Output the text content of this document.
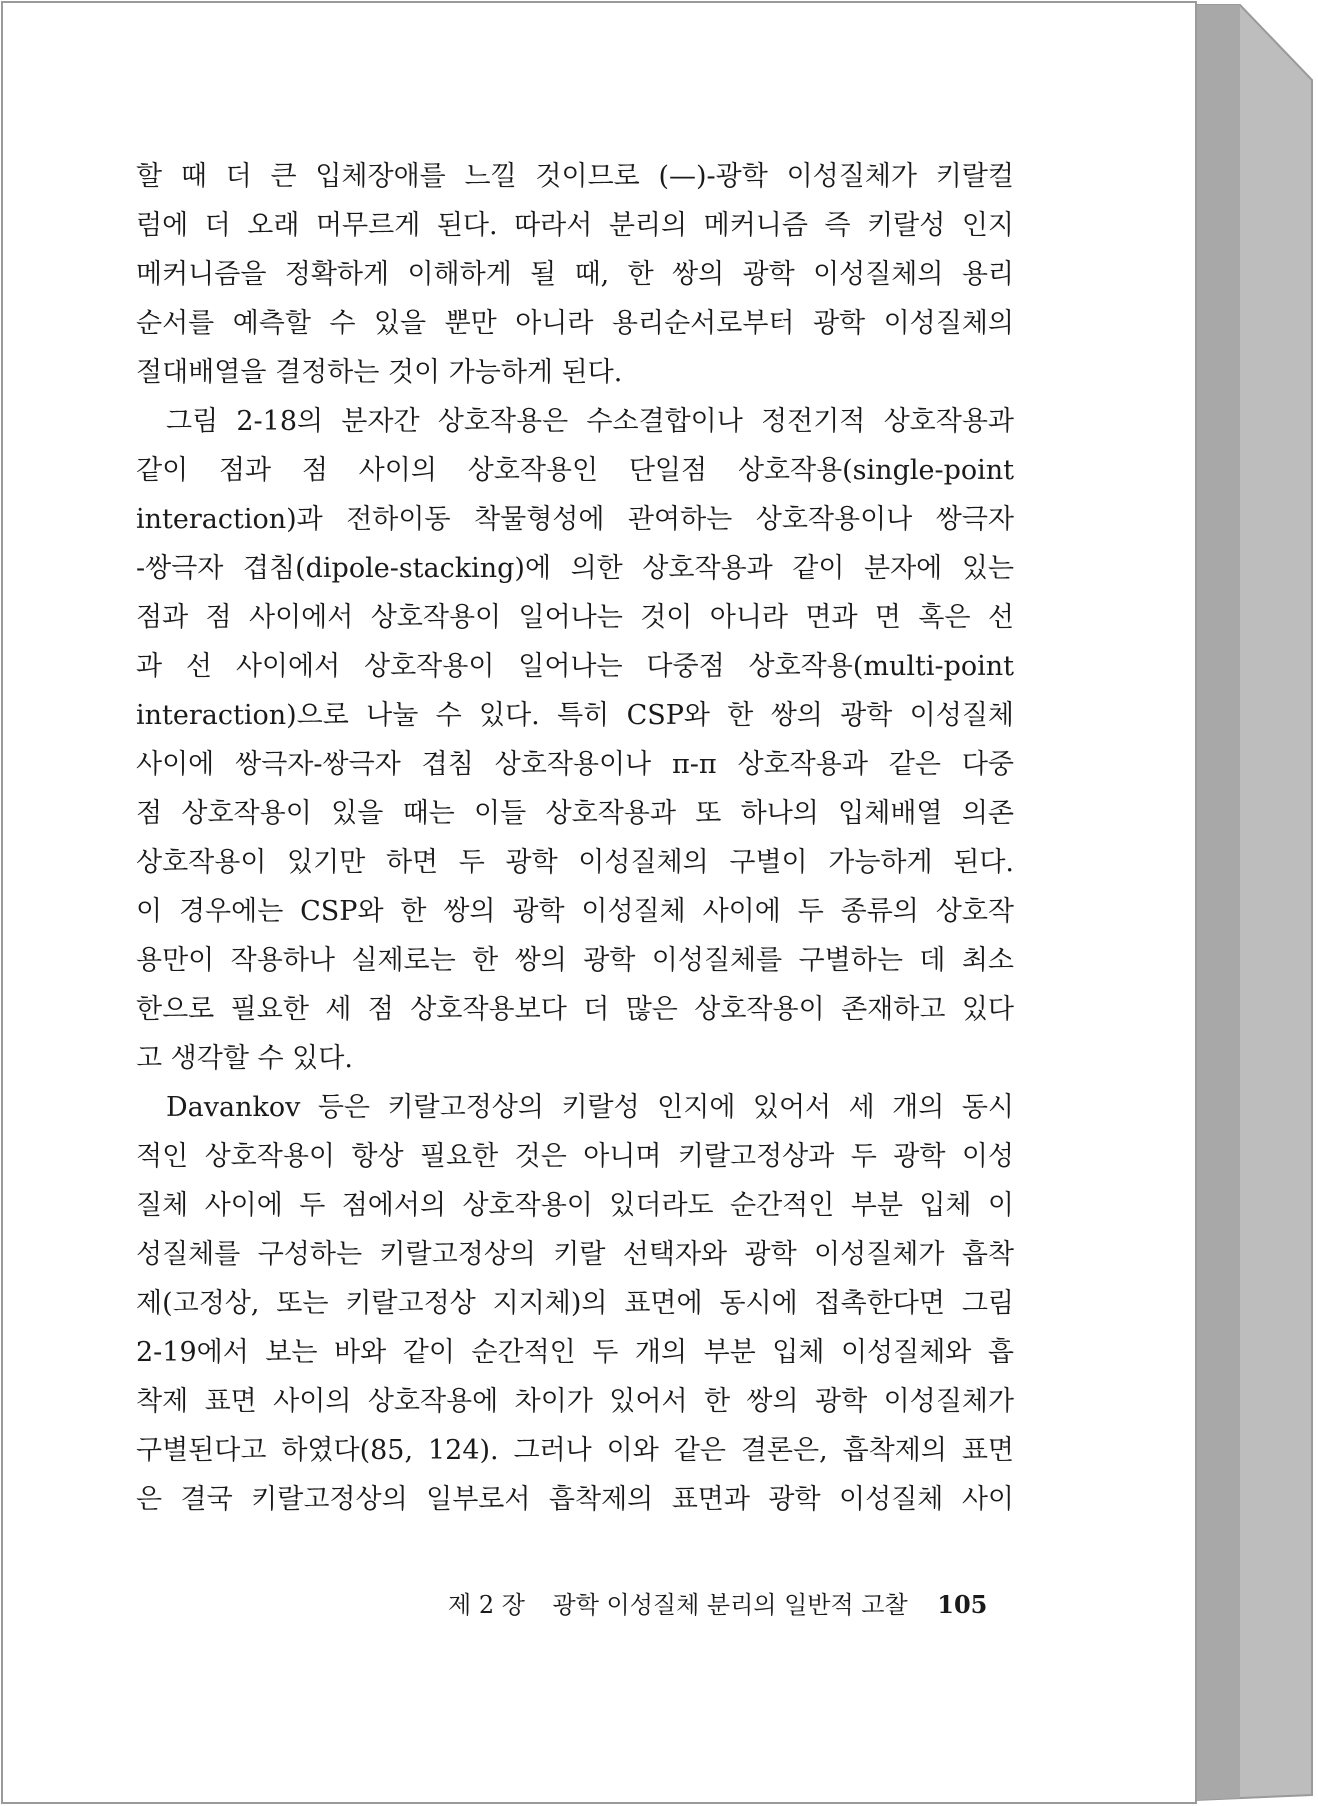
할 때 더 큰 입체장애를 느낄 것이므로 (—)-광학 이성질체가 키랄컬
럼에 더 오래 머무르게 된다. 따라서 분리의 메커니즘 즉 키랄성 인지
메커니즘을 정확하게 이해하게 될 때, 한 쌍의 광학 이성질체의 용리
순서를 예측할 수 있을 뿐만 아니라 용리순서로부터 광학 이성질체의
절대배열을 결정하는 것이 가능하게 된다.
그림 2-18의 분자간 상호작용은 수소결합이나 정전기적 상호작용과
같이 점과 점 사이의 상호작용인 단일점 상호작용(single-point
interaction)과 전하이동 착물형성에 관여하는 상호작용이나 쌍극자
-쌍극자 겹침(dipole-stacking)에 의한 상호작용과 같이 분자에 있는
점과 점 사이에서 상호작용이 일어나는 것이 아니라 면과 면 혹은 선
과 선 사이에서 상호작용이 일어나는 다중점 상호작용(multi-point
interaction)으로 나눌 수 있다. 특히 CSP와 한 쌍의 광학 이성질체
사이에 쌍극자-쌍극자 겹침 상호작용이나 π-π 상호작용과 같은 다중
점 상호작용이 있을 때는 이들 상호작용과 또 하나의 입체배열 의존
상호작용이 있기만 하면 두 광학 이성질체의 구별이 가능하게 된다.
이 경우에는 CSP와 한 쌍의 광학 이성질체 사이에 두 종류의 상호작
용만이 작용하나 실제로는 한 쌍의 광학 이성질체를 구별하는 데 최소
한으로 필요한 세 점 상호작용보다 더 많은 상호작용이 존재하고 있다
고 생각할 수 있다.
Davankov 등은 키랄고정상의 키랄성 인지에 있어서 세 개의 동시
적인 상호작용이 항상 필요한 것은 아니며 키랄고정상과 두 광학 이성
질체 사이에 두 점에서의 상호작용이 있더라도 순간적인 부분 입체 이
성질체를 구성하는 키랄고정상의 키랄 선택자와 광학 이성질체가 흡착
제(고정상, 또는 키랄고정상 지지체)의 표면에 동시에 접촉한다면 그림
2-19에서 보는 바와 같이 순간적인 두 개의 부분 입체 이성질체와 흡
착제 표면 사이의 상호작용에 차이가 있어서 한 쌍의 광학 이성질체가
구별된다고 하였다(85, 124). 그러나 이와 같은 결론은, 흡착제의 표면
은 결국 키랄고정상의 일부로서 흡착제의 표면과 광학 이성질체 사이
제 2 장 광학 이성질체 분리의 일반적 고찰 105
